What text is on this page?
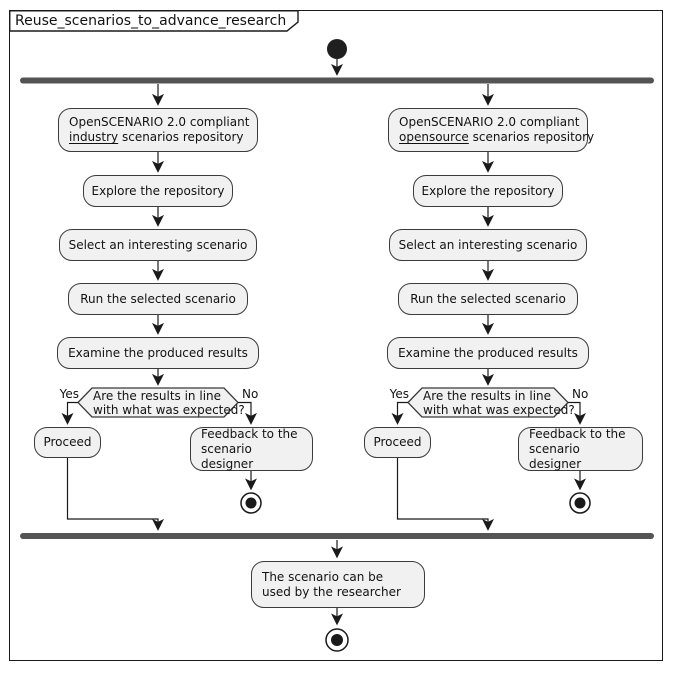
Reuse_scenarios_to_advance_research
OpenSCENARIO 2.0 compliant
industry scenarios repository
Explore the repository
Select an interesting scenario
Run the selected scenario
Examine the produced results
Are the results in line
with what was expected?
Yes	No
Proceed
Feedback to the scenario designer
OpenSCENARIO 2.0 compliant
opensource scenarios repository
Explore the repository
Select an interesting scenario
Run the selected scenario
Examine the produced results
Are the results in line
with what was expected?
Yes	No
Proceed
Feedback to the scenario designer
The scenario can be used by the researcher
